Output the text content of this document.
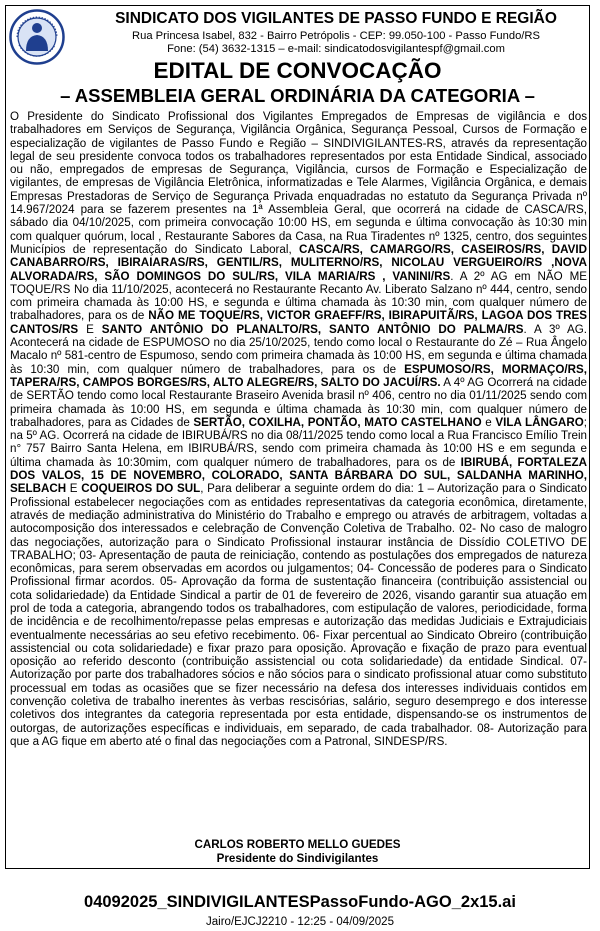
SINDICATO DOS VIGILANTES DE PASSO FUNDO E REGIÃO
Rua Princesa Isabel, 832 - Bairro Petrópolis - CEP: 99.050-100 - Passo Fundo/RS
Fone: (54) 3632-1315 – e-mail: sindicatodosvigilantespf@gmail.com
EDITAL DE CONVOCAÇÃO
– ASSEMBLEIA GERAL ORDINÁRIA DA CATEGORIA –

O Presidente do Sindicato Profissional dos Vigilantes Empregados de Empresas de vigilância e dos trabalhadores em Serviços de Segurança, Vigilância Orgânica, Segurança Pessoal, Cursos de Formação e especialização de vigilantes de Passo Fundo e Região – SINDIVIGILANTES-RS, através da representação legal de seu presidente convoca todos os trabalhadores representados por esta Entidade Sindical, associado ou não, empregados de empresas de Segurança, Vigilância, cursos de Formação e Especialização de vigilantes, de empresas de Vigilância Eletrônica, informatizadas e Tele Alarmes, Vigilância Orgânica, e demais Empresas Prestadoras de Serviço de Segurança Privada enquadradas no estatuto da Segurança Privada nº 14.967/2024 para se fazerem presentes na 1ª Assembleia Geral, que ocorrerá na cidade de CASCA/RS, sábado dia 04/10/2025, com primeira convocação 10:00 HS, em segunda e última convocação às 10:30 min com qualquer quórum, local , Restaurante Sabores da Casa, na Rua Tiradentes nº 1325, centro, dos seguintes Municípios de representação do Sindicato Laboral, CASCA/RS, CAMARGO/RS, CASEIROS/RS, DAVID CANABARRO/RS, IBIRAIARAS/RS, GENTIL/RS, MULITERNO/RS, NICOLAU VERGUEIRO/RS ,NOVA ALVORADA/RS, SÃO DOMINGOS DO SUL/RS, VILA MARIA/RS , VANINI/RS. A 2º AG em NÃO ME TOQUE/RS No dia 11/10/2025, acontecerá no Restaurante Recanto Av. Liberato Salzano nº 444, centro, sendo com primeira chamada às 10:00 HS, e segunda e última chamada às 10:30 min, com qualquer número de trabalhadores, para os de NÃO ME TOQUE/RS, VICTOR GRAEFF/RS, IBIRAPUITÃ/RS, LAGOA DOS TRES CANTOS/RS E SANTO ANTÔNIO DO PLANALTO/RS, SANTO ANTÔNIO DO PALMA/RS. A 3º AG. Acontecerá na cidade de ESPUMOSO no dia 25/10/2025, tendo como local o Restaurante do Zé – Rua Ângelo Macalo nº 581-centro de Espumoso, sendo com primeira chamada às 10:00 HS, em segunda e última chamada às 10:30 min, com qualquer número de trabalhadores, para os de ESPUMOSO/RS, MORMAÇO/RS, TAPERA/RS, CAMPOS BORGES/RS, ALTO ALEGRE/RS, SALTO DO JACUÍ/RS. A 4º AG Ocorrerá na cidade de SERTÃO tendo como local Restaurante Braseiro Avenida brasil nº 406, centro no dia 01/11/2025 sendo com primeira chamada às 10:00 HS, em segunda e última chamada às 10:30 min, com qualquer número de trabalhadores, para as Cidades de SERTÃO, COXILHA, PONTÃO, MATO CASTELHANO e VILA LÂNGARO; na 5º AG. Ocorrerá na cidade de IBIRUBÁ/RS no dia 08/11/2025 tendo como local a Rua Francisco Emílio Trein n° 757 Bairro Santa Helena, em IBIRUBÁ/RS, sendo com primeira chamada às 10:00 HS e em segunda e última chamada às 10:30mim, com qualquer número de trabalhadores, para os de IBIRUBÁ, FORTALEZA DOS VALOS, 15 DE NOVEMBRO, COLORADO, SANTA BÁRBARA DO SUL, SALDANHA MARINHO, SELBACH E COQUEIROS DO SUL, Para deliberar a seguinte ordem do dia: 1 – Autorização para o Sindicato Profissional estabelecer negociações com as entidades representativas da categoria econômica, diretamente, através de mediação administrativa do Ministério do Trabalho e emprego ou através de arbitragem, voltadas a autocomposição dos interessados e celebração de Convenção Coletiva de Trabalho. 02- No caso de malogro das negociações, autorização para o Sindicato Profissional instaurar instância de Dissídio COLETIVO DE TRABALHO; 03- Apresentação de pauta de reiniciação, contendo as postulações dos empregados de natureza econômicas, para serem observadas em acordos ou julgamentos; 04- Concessão de poderes para o Sindicato Profissional firmar acordos. 05- Aprovação da forma de sustentação financeira (contribuição assistencial ou cota solidariedade) da Entidade Sindical a partir de 01 de fevereiro de 2026, visando garantir sua atuação em prol de toda a categoria, abrangendo todos os trabalhadores, com estipulação de valores, periodicidade, forma de incidência e de recolhimento/repasse pelas empresas e autorização das medidas Judiciais e Extrajudiciais eventualmente necessárias ao seu efetivo recebimento. 06- Fixar percentual ao Sindicato Obreiro (contribuição assistencial ou cota solidariedade) e fixar prazo para oposição. Aprovação e fixação de prazo para eventual oposição ao referido desconto (contribuição assistencial ou cota solidariedade) da entidade Sindical. 07- Autorização por parte dos trabalhadores sócios e não sócios para o sindicato profissional atuar como substituto processual em todas as ocasiões que se fizer necessário na defesa dos interesses individuais contidos em convenção coletiva de trabalho inerentes às verbas rescisórias, salário, seguro desemprego e dos interesse coletivos dos integrantes da categoria representada por esta entidade, dispensando-se os instrumentos de outorgas, de autorizações específicas e individuais, em separado, de cada trabalhador. 08- Autorização para que a AG fique em aberto até o final das negociações com a Patronal, SINDESP/RS.

CARLOS ROBERTO MELLO GUEDES
Presidente do Sindivigilantes
04092025_SINDIVIGILANTESPassoFundo-AGO_2x15.ai
Jairo/EJCJ2210 - 12:25 - 04/09/2025
